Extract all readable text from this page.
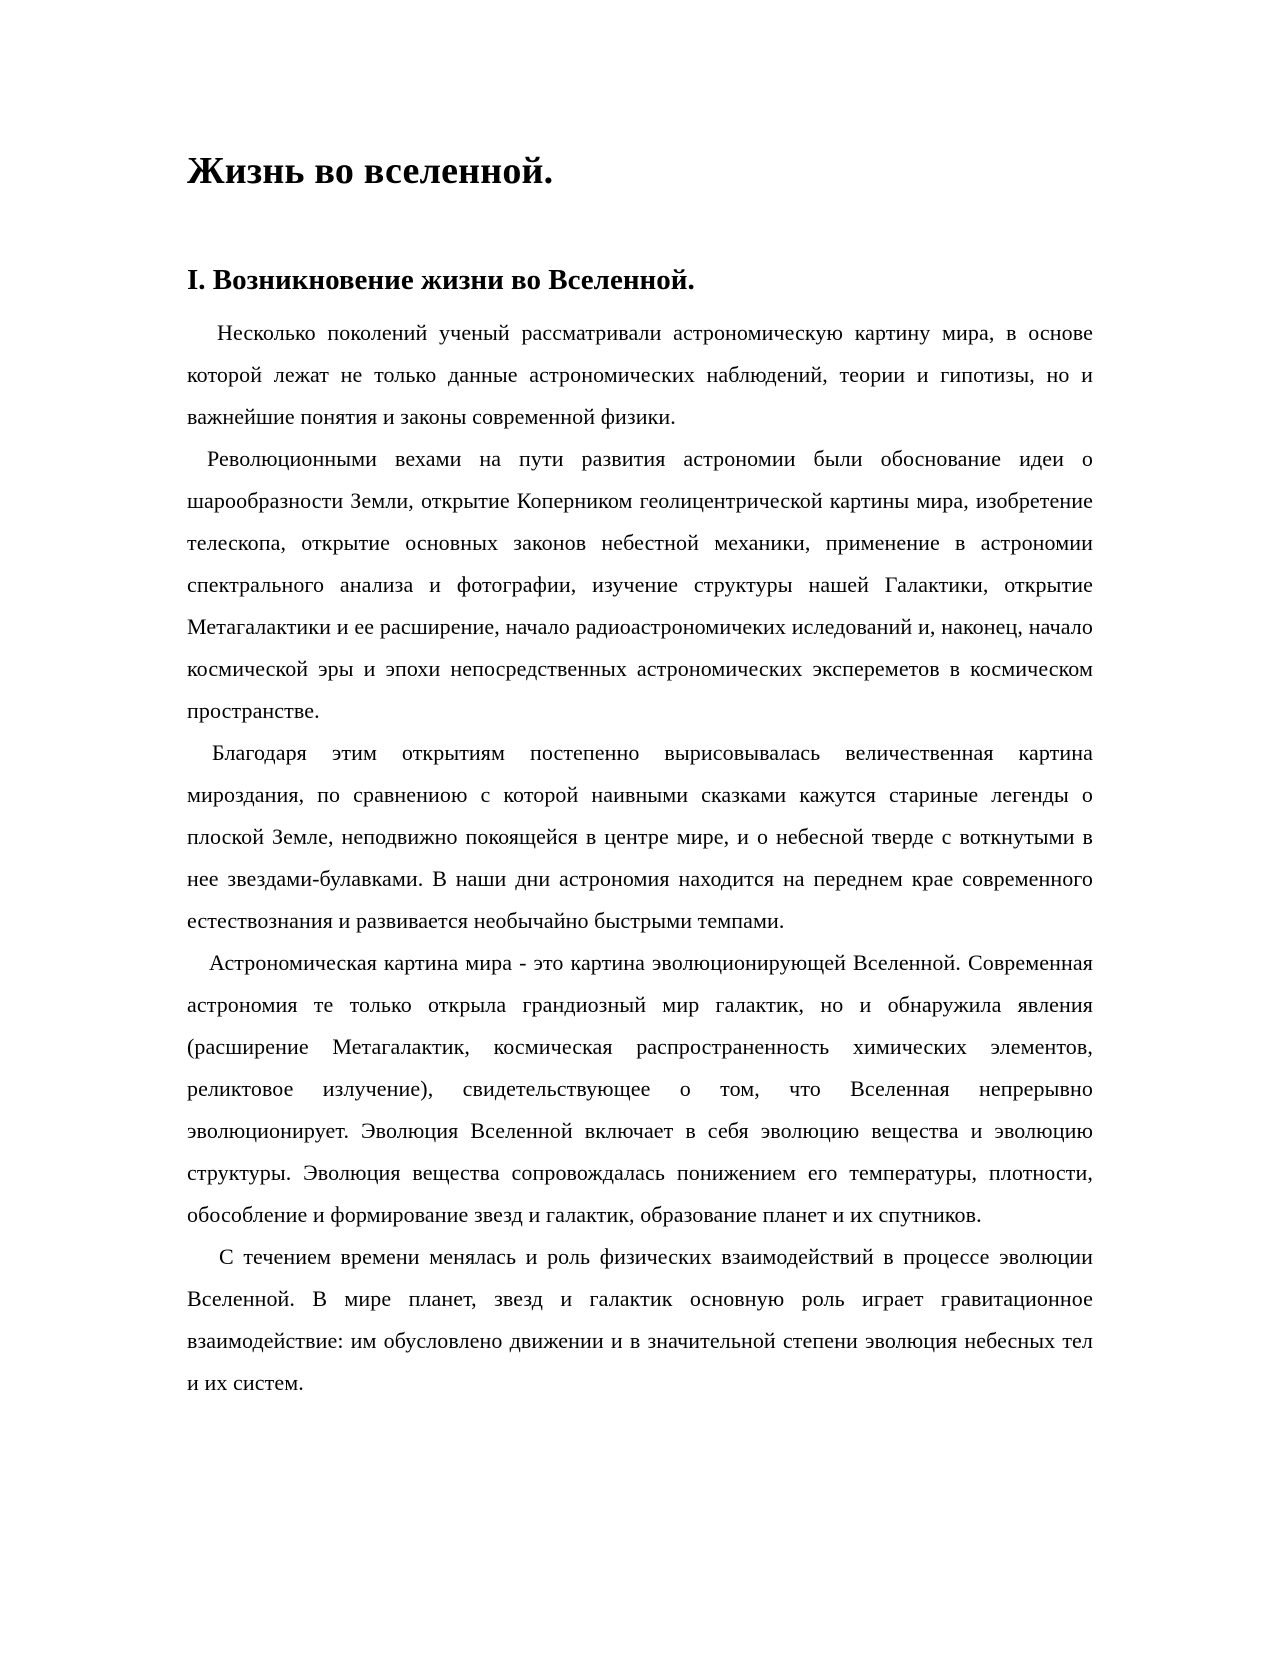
Жизнь во вселенной.
I. Возникновение жизни во Вселенной.

Несколько поколений ученый рассматривали астрономическую картину мира, в основе которой лежат не только данные астрономических наблюдений, теории и гипотизы, но и важнейшие понятия и законы современной физики.

Революционными вехами на пути развития астрономии были обоснование идеи о шарообразности Земли, открытие Коперником геолицентрической картины мира, изобретение телескопа, открытие основных законов небестной механики, применение в астрономии спектрального анализа и фотографии, изучение структуры нашей Галактики, открытие Метагалактики и ее расширение, начало радиоастрономичеких иследований и, наконец, начало космической эры и эпохи непосредственных астрономических экспереметов в космическом пространстве.

Благодаря этим открытиям постепенно вырисовывалась величественная картина мироздания, по сравнениою с которой наивными сказками кажутся стариные легенды о плоской Земле, неподвижно покоящейся в центре мире, и о небесной тверде с воткнутыми в нее звездами-булавками. В наши дни астрономия находится на переднем крае современного естествознания и развивается необычайно быстрыми темпами.

Астрономическая картина мира - это картина эволюционирующей Вселенной. Современная астрономия те только открыла грандиозный мир галактик, но и обнаружила явления (расширение Метагалактик, космическая распространенность химических элементов, реликтовое излучение), свидетельствующее о том, что Вселенная непрерывно эволюционирует. Эволюция Вселенной включает в себя эволюцию вещества и эволюцию структуры. Эволюция вещества сопровождалась понижением его температуры, плотности, обособление и формирование звезд и галактик, образование планет и их спутников.

С течением времени менялась и роль физических взаимодействий в процессе эволюции Вселенной. В мире планет, звезд и галактик основную роль играет гравитационное взаимодействие: им обусловлено движении и в значительной степени эволюция небесных тел и их систем.
